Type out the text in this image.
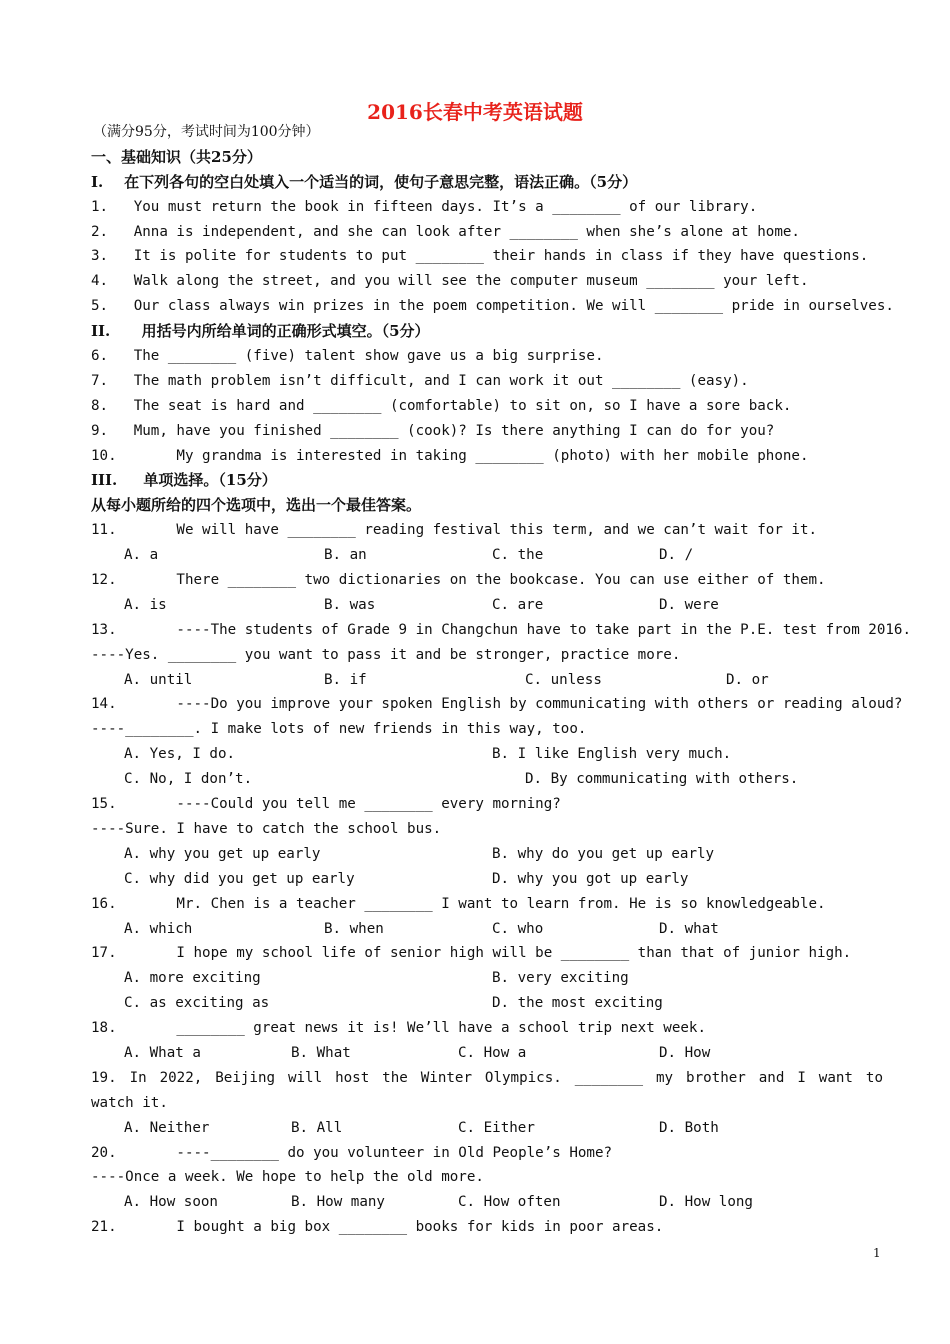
2016长春中考英语试题
（满分95分，考试时间为100分钟）
一、基础知识（共25分）
I.    在下列各句的空白处填入一个适当的词，使句子意思完整，语法正确。（5分）
1.   You must return the book in fifteen days. It’s a ________ of our library.
2.   Anna is independent, and she can look after ________ when she’s alone at home.
3.   It is polite for students to put ________ their hands in class if they have questions.
4.   Walk along the street, and you will see the computer museum ________ your left.
5.   Our class always win prizes in the poem competition. We will ________ pride in ourselves.
II.      用括号内所给单词的正确形式填空。（5分）
6.   The ________ (five) talent show gave us a big surprise.
7.   The math problem isn’t difficult, and I can work it out ________ (easy).
8.   The seat is hard and ________ (comfortable) to sit on, so I have a sore back.
9.   Mum, have you finished ________ (cook)? Is there anything I can do for you?
10.       My grandma is interested in taking ________ (photo) with her mobile phone.
III.     单项选择。（15分）
从每小题所给的四个选项中，选出一个最佳答案。
11.       We will have ________ reading festival this term, and we can’t wait for it.
A. a	B. an	C. the	D. /
12.       There ________ two dictionaries on the bookcase. You can use either of them.
A. is	B. was	C. are	D. were
13.       ----The students of Grade 9 in Changchun have to take part in the P.E. test from 2016.
----Yes. ________ you want to pass it and be stronger, practice more.
A. until	B. if	C. unless	D. or
14.       ----Do you improve your spoken English by communicating with others or reading aloud?
----________. I make lots of new friends in this way, too.
A. Yes, I do.	B. I like English very much.
C. No, I don’t.	D. By communicating with others.
15.       ----Could you tell me ________ every morning?
----Sure. I have to catch the school bus.
A. why you get up early	B. why do you get up early
C. why did you get up early	D. why you got up early
16.       Mr. Chen is a teacher ________ I want to learn from. He is so knowledgeable.
A. which	B. when	C. who	D. what
17.       I hope my school life of senior high will be ________ than that of junior high.
A. more exciting	B. very exciting
C. as exciting as	D. the most exciting
18.       ________ great news it is! We’ll have a school trip next week.
A. What a	B. What	C. How a	D. How
19. In 2022, Beijing will host the Winter Olympics. ________ my brother and I want to
watch it.
A. Neither	B. All	C. Either	D. Both
20.       ----________ do you volunteer in Old People’s Home?
----Once a week. We hope to help the old more.
A. How soon	B. How many	C. How often	D. How long
21.       I bought a big box ________ books for kids in poor areas.
1
